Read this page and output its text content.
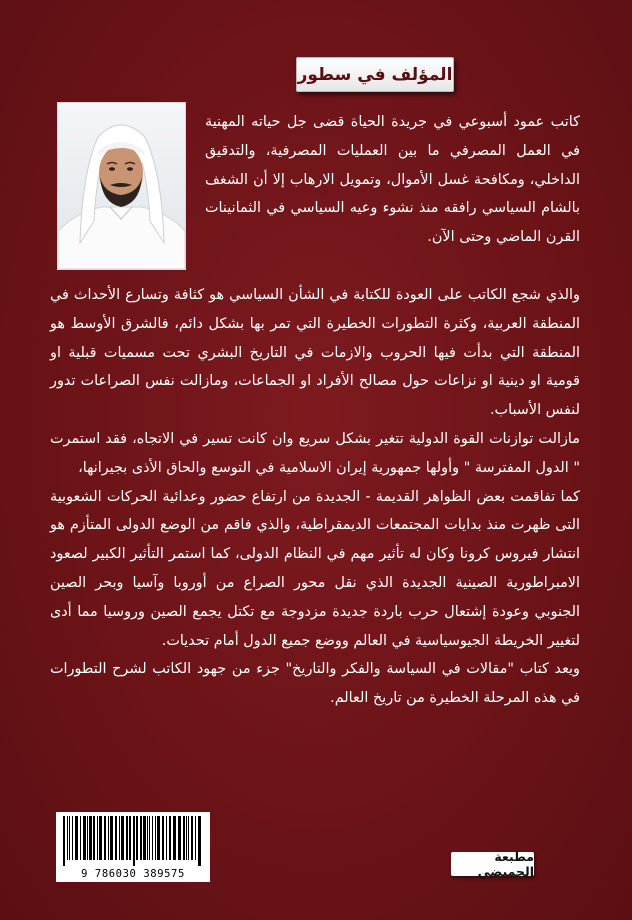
المؤلف في سطور

كاتب عمود أسبوعي في جريدة الحياة قضى جل حياته المهنية في العمل المصرفي ما بين العمليات المصرفية، والتدقيق الداخلي، ومكافحة غسل الأموال، وتمويل الارهاب إلا أن الشغف بالشام السياسي رافقه منذ نشوء وعيه السياسي في الثمانينات القرن الماضي وحتى الآن.

والذي شجع الكاتب على العودة للكتابة في الشأن السياسي هو كثافة وتسارع الأحداث في المنطقة العربية، وكثرة التطورات الخطيرة التي تمر بها بشكل دائم، فالشرق الأوسط هو المنطقة التي بدأت فيها الحروب والازمات في التاريخ البشري تحت مسميات قبلية او قومية او دينية او نزاعات حول مصالح الأفراد او الجماعات، ومازالت نفس الصراعات تدور لنفس الأسباب.

مازالت توازنات القوة الدولية تتغير بشكل سريع وان كانت تسير في الاتجاه، فقد استمرت " الدول المفترسة " وأولها جمهورية إيران الاسلامية في التوسع والحاق الأذى بجيرانها،

كما تفاقمت بعض الظواهر القديمة - الجديدة من ارتفاع حضور وعدائية الحركات الشعوبية التى ظهرت منذ بدايات المجتمعات الديمقراطية، والذي فاقم من الوضع الدولى المتأزم هو انتشار فيروس كرونا وكان له تأثير مهم في النظام الدولى، كما استمر التأثير الكبير لصعود الامبراطورية الصينية الجديدة الذي نقل محور الصراع من أوروبا وآسيا وبحر الصين الجنوبي وعودة إشتعال حرب باردة جديدة مزدوجة مع تكتل يجمع الصين وروسيا مما أدى لتغيير الخريطة الجيوسياسية في العالم ووضع جميع الدول أمام تحديات.

ويعد كتاب "مقالات في السياسة والفكر والتاريخ" جزء من جهود الكاتب لشرح التطورات في هذه المرحلة الخطيرة من تاريخ العالم.

9 786030 389575
مطبعة الحميضي
